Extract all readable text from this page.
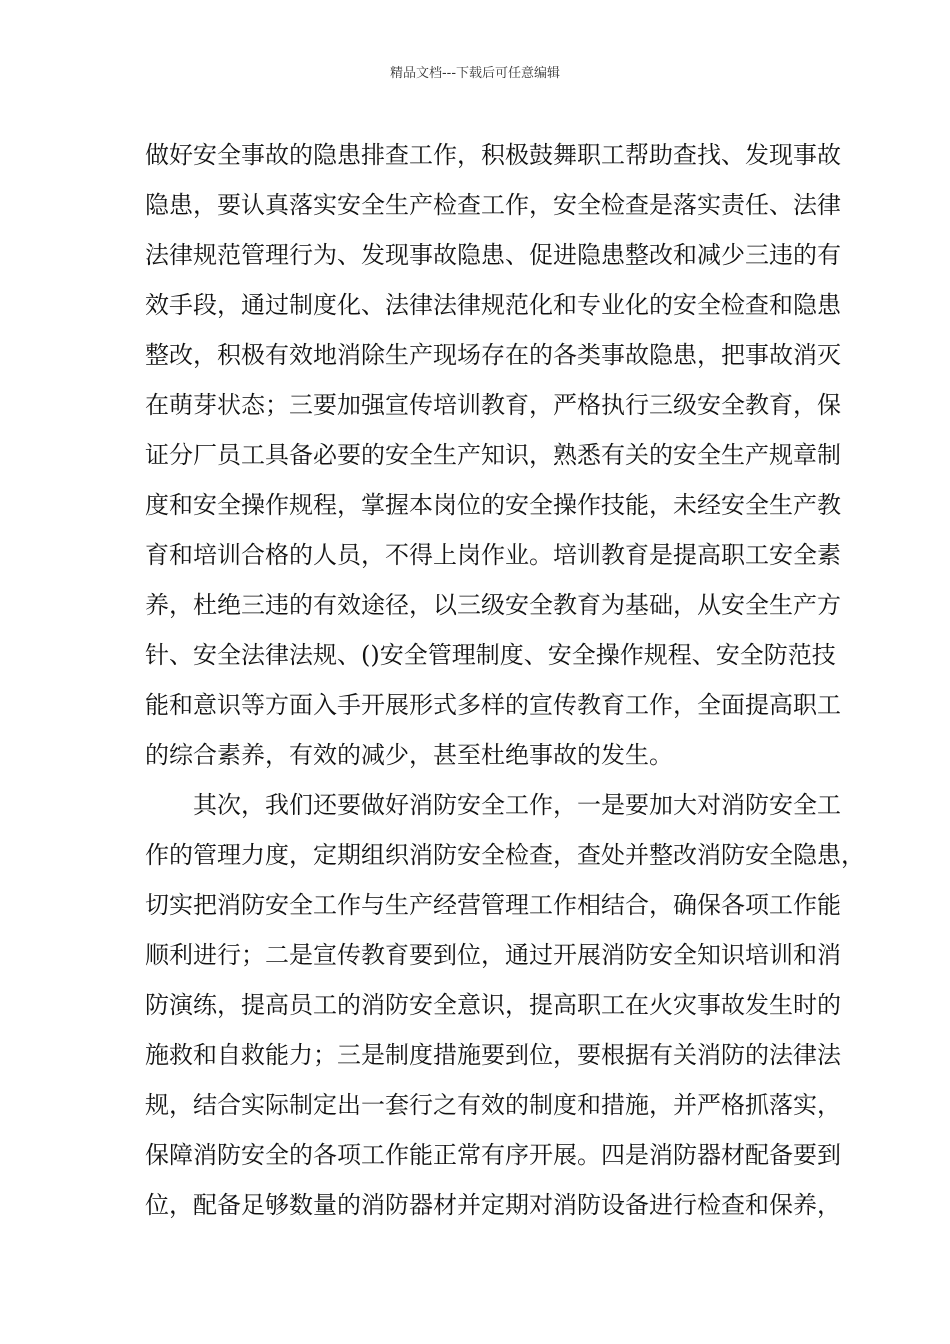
精品文档---下载后可任意编辑
做好安全事故的隐患排查工作，积极鼓舞职工帮助查找、发现事故
隐患，要认真落实安全生产检查工作，安全检查是落实责任、法律
法律规范管理行为、发现事故隐患、促进隐患整改和减少三违的有
效手段，通过制度化、法律法律规范化和专业化的安全检查和隐患
整改，积极有效地消除生产现场存在的各类事故隐患，把事故消灭
在萌芽状态；三要加强宣传培训教育，严格执行三级安全教育，保
证分厂员工具备必要的安全生产知识，熟悉有关的安全生产规章制
度和安全操作规程，掌握本岗位的安全操作技能，未经安全生产教
育和培训合格的人员，不得上岗作业。培训教育是提高职工安全素
养，杜绝三违的有效途径，以三级安全教育为基础，从安全生产方
针、安全法律法规、()安全管理制度、安全操作规程、安全防范技
能和意识等方面入手开展形式多样的宣传教育工作，全面提高职工
的综合素养，有效的减少，甚至杜绝事故的发生。
其次，我们还要做好消防安全工作，一是要加大对消防安全工
作的管理力度，定期组织消防安全检查，查处并整改消防安全隐患，
切实把消防安全工作与生产经营管理工作相结合，确保各项工作能
顺利进行；二是宣传教育要到位，通过开展消防安全知识培训和消
防演练，提高员工的消防安全意识，提高职工在火灾事故发生时的
施救和自救能力；三是制度措施要到位，要根据有关消防的法律法
规，结合实际制定出一套行之有效的制度和措施，并严格抓落实，
保障消防安全的各项工作能正常有序开展。四是消防器材配备要到
位，配备足够数量的消防器材并定期对消防设备进行检查和保养，
